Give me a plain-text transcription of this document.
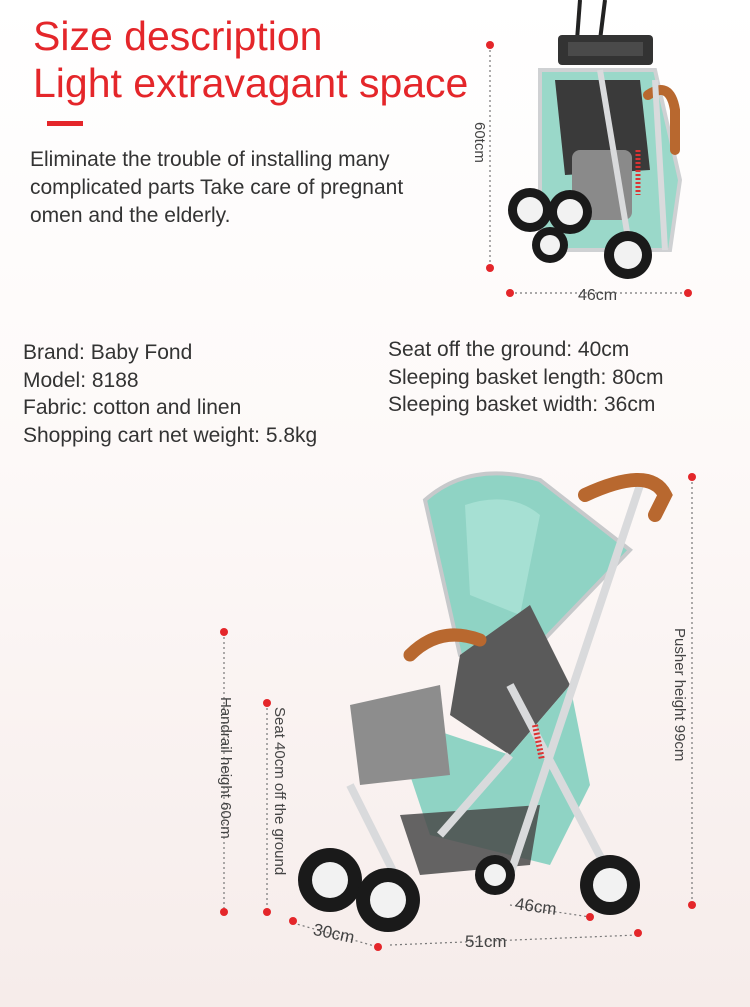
Size description
Light extravagant space
Eliminate the trouble of installing many
complicated parts Take care of pregnant
omen and the elderly.
Brand: Baby Fond
Model: 8188
Fabric: cotton and linen
Shopping cart net weight: 5.8kg
Seat off the ground: 40cm
Sleeping basket length: 80cm
Sleeping basket width: 36cm
60tcm
46cm
Pusher height 99cm
Handrail height 60cm Seat 40cm off the ground
30cm	51cm
46cm
